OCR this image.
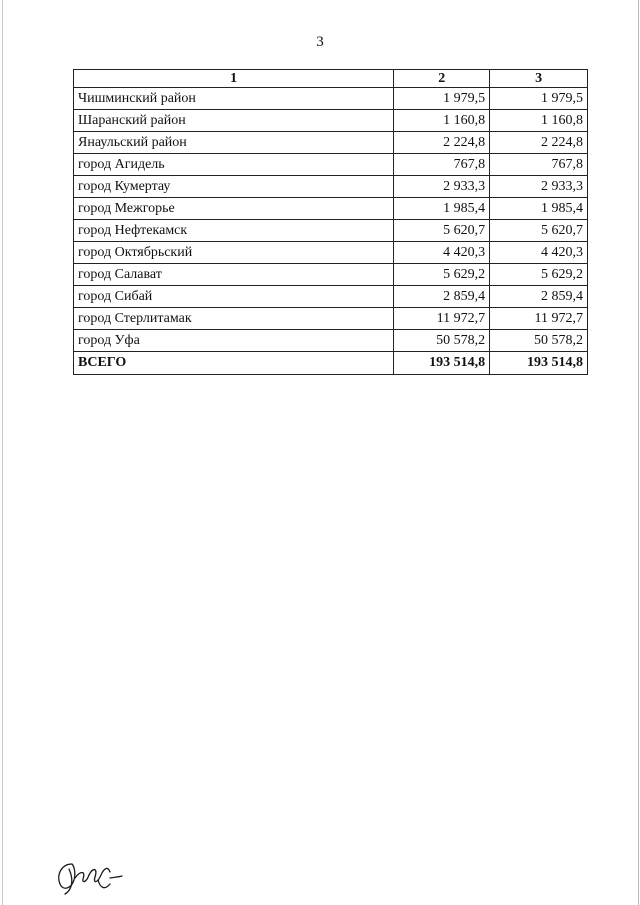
3
1	2	3
Чишминский район	1 979,5	1 979,5
Шаранский район	1 160,8	1 160,8
Янаульский район	2 224,8	2 224,8
город Агидель	767,8	767,8
город Кумертау	2 933,3	2 933,3
город Межгорье	1 985,4	1 985,4
город Нефтекамск	5 620,7	5 620,7
город Октябрьский	4 420,3	4 420,3
город Салават	5 629,2	5 629,2
город Сибай	2 859,4	2 859,4
город Стерлитамак	11 972,7	11 972,7
город Уфа	50 578,2	50 578,2
ВСЕГО	193 514,8	193 514,8
